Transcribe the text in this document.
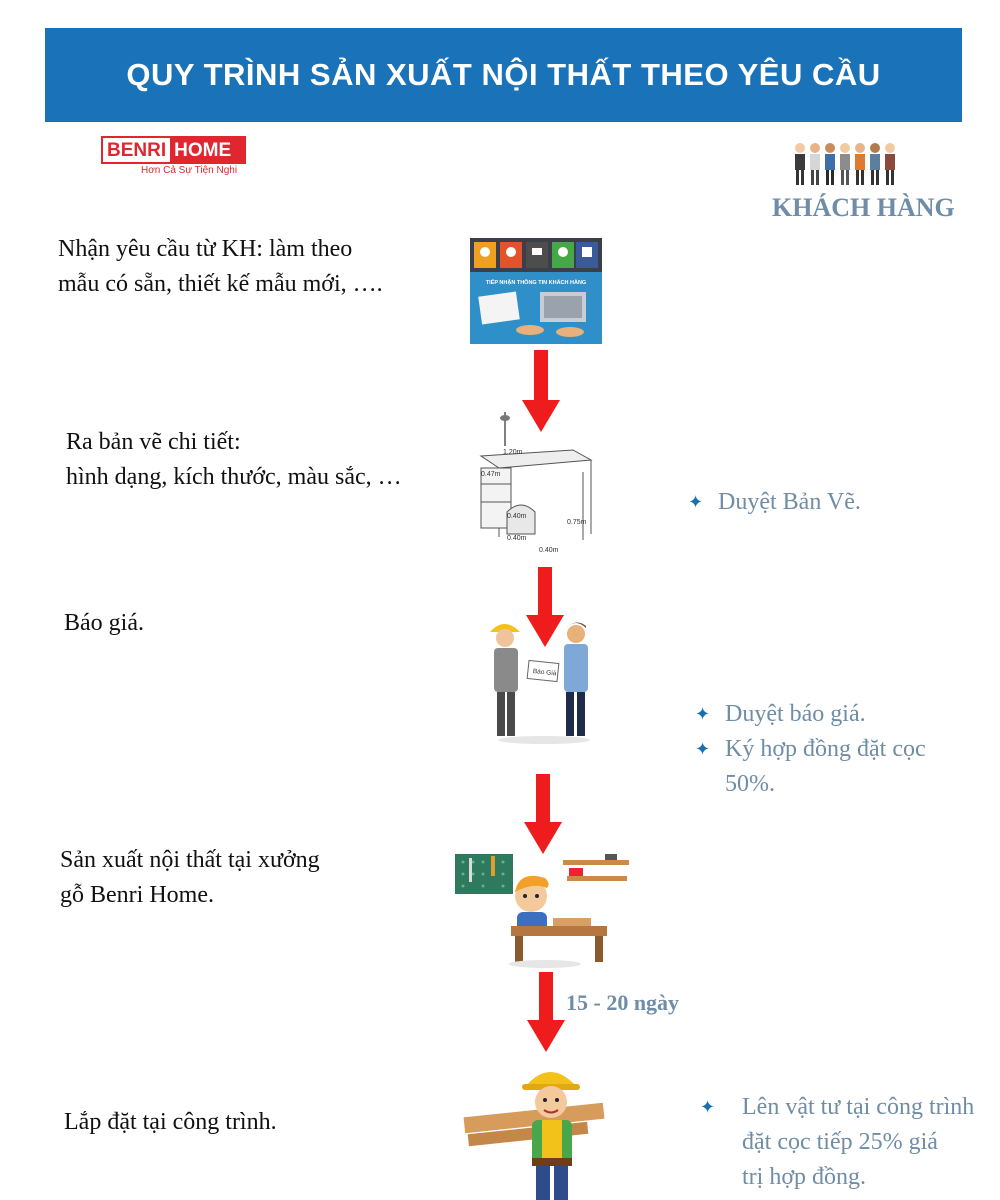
QUY TRÌNH SẢN XUẤT NỘI THẤT THEO YÊU CẦU
BENRI HOME
Hơn Cả Sự Tiện Nghi
KHÁCH HÀNG
Nhận yêu cầu từ KH: làm theo
mẫu có sẵn, thiết kế mẫu mới, ….	TIẾP NHẬN THÔNG TIN KHÁCH HÀNG
Ra bản vẽ chi tiết:
hình dạng, kích thước, màu sắc, …
1.20m
0.47m
0.75m
0.40m
0.40m
0.40m
✦ Duyệt Bản Vẽ.
Báo giá.
Báo Giá
✦ Duyệt báo giá.
✦ Ký hợp đồng đặt cọc
50%.
Sản xuất nội thất tại xưởng
gỗ Benri Home.
15 - 20 ngày
Lắp đặt tại công trình.
✦	Lên vật tư tại công trình
đặt cọc tiếp 25% giá
trị hợp đồng.
